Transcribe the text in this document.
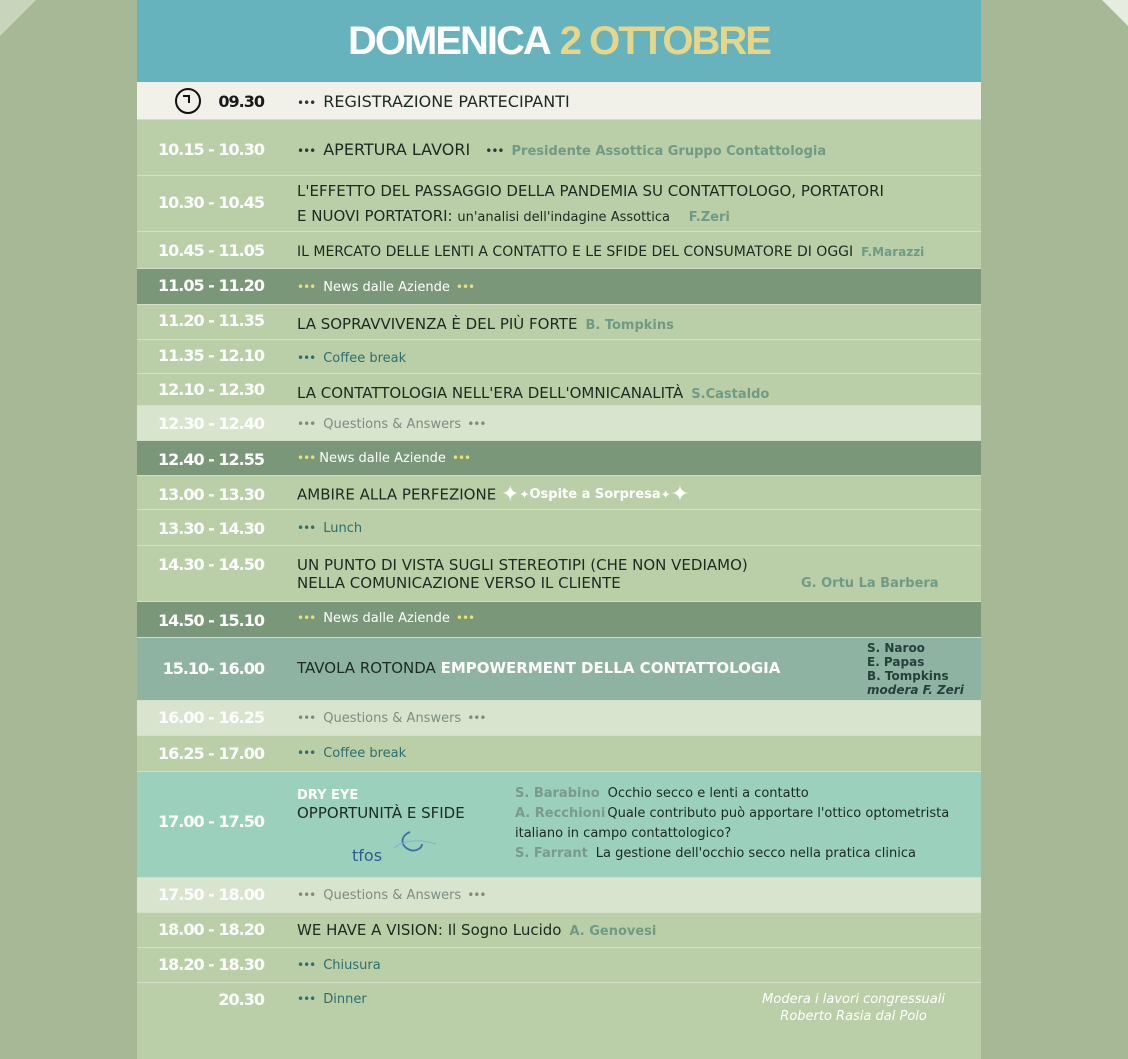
DOMENICA 2 OTTOBRE
09.30	••• REGISTRAZIONE PARTECIPANTI
10.15 - 10.30	••• APERTURA LAVORI ••• Presidente Assottica Gruppo Contattologia
10.30 - 10.45
L'EFFETTO DEL PASSAGGIO DELLA PANDEMIA SU CONTATTOLOGO, PORTATORI
E NUOVI PORTATORI: un'analisi dell'indagine Assottica F.Zeri
10.45 - 11.05 IL MERCATO DELLE LENTI A CONTATTO E LE SFIDE DEL CONSUMATORE DI OGGI F.Marazzi
11.05 - 11.20	••• News dalle Aziende •••
11.20 - 11.35 LA SOPRAVVIVENZA È DEL PIÙ FORTE B. Tompkins
11.35 - 12.10	••• Coffee break
12.10 - 12.30 LA CONTATTOLOGIA NELL'ERA DELL'OMNICANALITÀ S.Castaldo
12.30 - 12.40	••• Questions & Answers •••
12.40 - 12.55	••• News dalle Aziende •••
13.00 - 13.30 AMBIRE ALLA PERFEZIONE ✦✦Ospite a Sorpresa✦✦
13.30 - 14.30	••• Lunch
14.30 - 14.50 UN PUNTO DI VISTA SUGLI STEREOTIPI (CHE NON VEDIAMO)
NELLA COMUNICAZIONE VERSO IL CLIENTE	G. Ortu La Barbera
14.50 - 15.10	••• News dalle Aziende •••
15.10- 16.00 TAVOLA ROTONDA EMPOWERMENT DELLA CONTATTOLOGIA
S. Naroo
E. Papas
B. Tompkins
modera F. Zeri
16.00 - 16.25	••• Questions & Answers •••
16.25 - 17.00	••• Coffee break
17.00 - 17.50
DRY EYE
OPPORTUNITÀ E SFIDE
tfos
S. Barabino Occhio secco e lenti a contatto
A. Recchioni Quale contributo può apportare l'ottico optometrista
italiano in campo contattologico?
S. Farrant La gestione dell'occhio secco nella pratica clinica
17.50 - 18.00	••• Questions & Answers •••
18.00 - 18.20 WE HAVE A VISION: Il Sogno Lucido A. Genovesi
18.20 - 18.30	••• Chiusura
20.30	••• Dinner	Modera i lavori congressuali
Roberto Rasia dal Polo
